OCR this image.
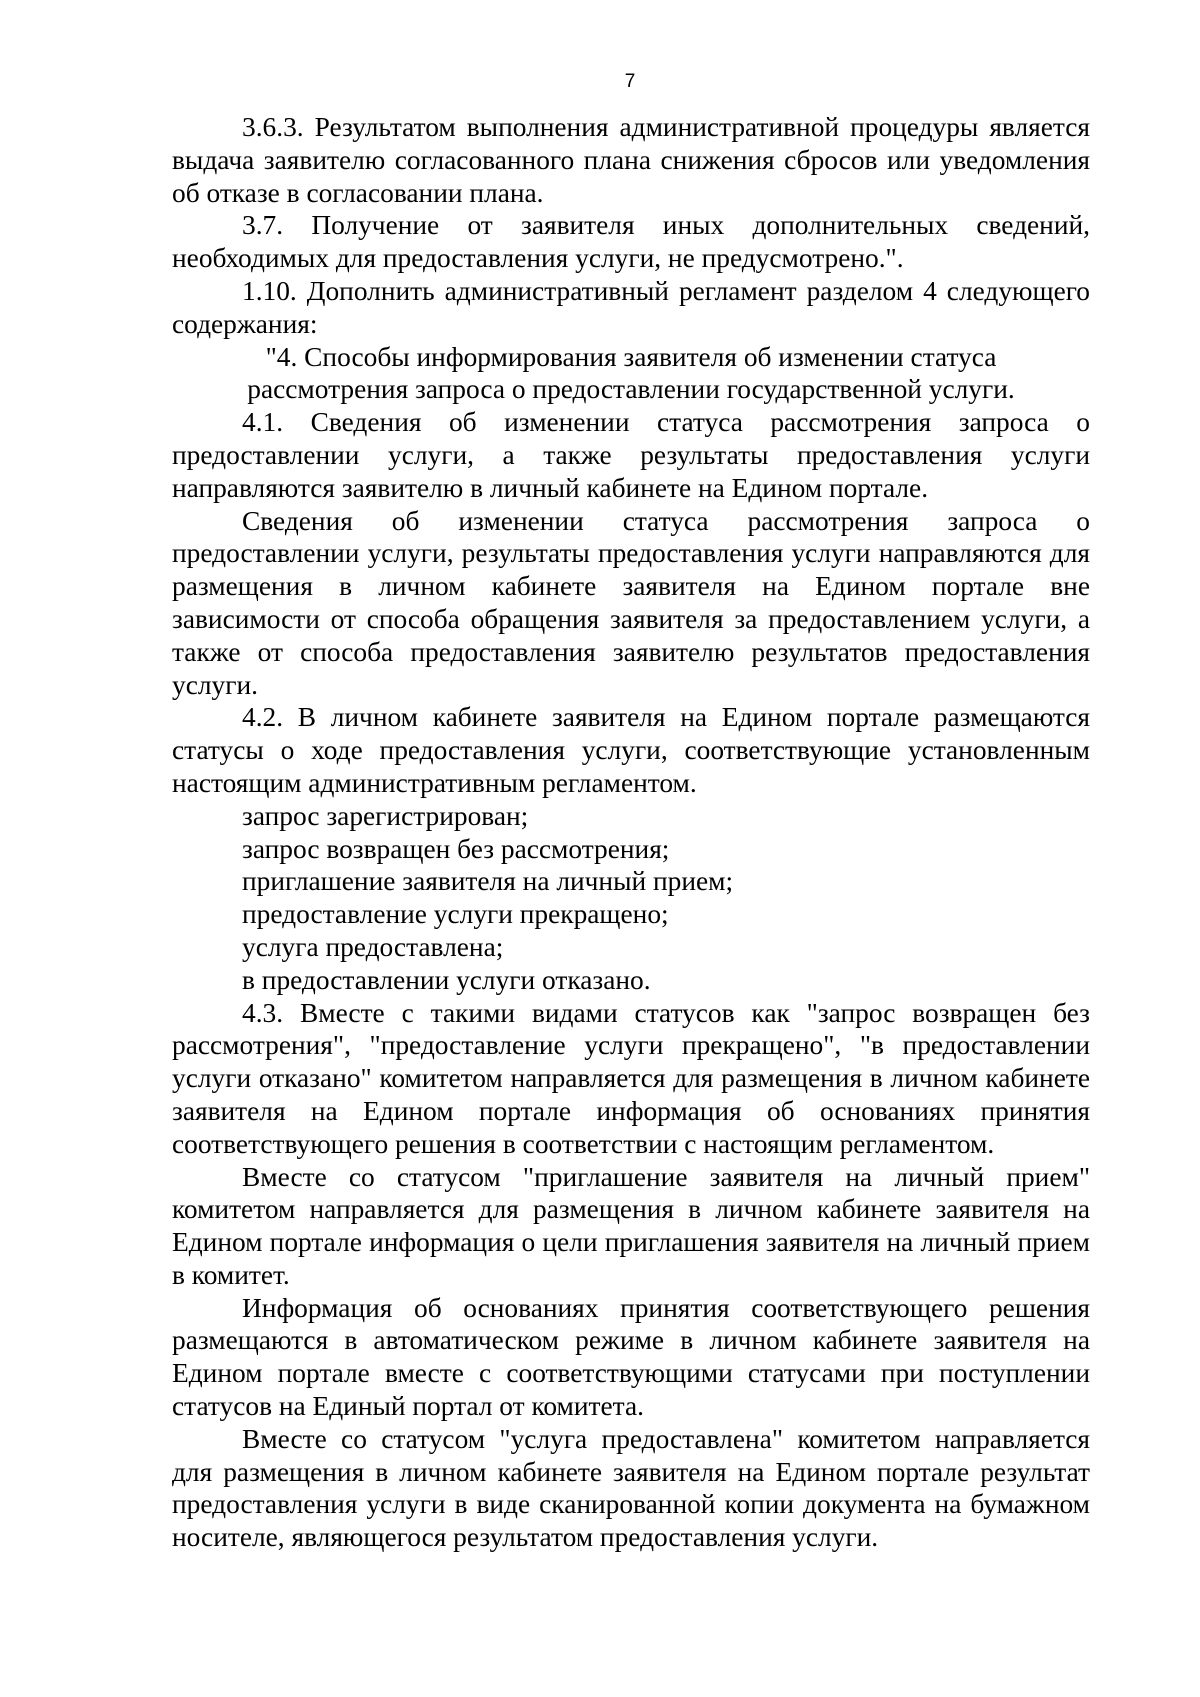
7

3.6.3. Результатом выполнения административной процедуры является выдача заявителю согласованного плана снижения сбросов или уведомления об отказе в согласовании плана.

3.7. Получение от заявителя иных дополнительных сведений, необходимых для предоставления услуги, не предусмотрено.".

1.10. Дополнить административный регламент разделом 4 следующего содержания:

"4. Способы информирования заявителя об изменении статуса

рассмотрения запроса о предоставлении государственной услуги.

4.1. Сведения об изменении статуса рассмотрения запроса о предоставлении услуги, а также результаты предоставления услуги направляются заявителю в личный кабинете на Едином портале.

Сведения об изменении статуса рассмотрения запроса о предоставлении услуги, результаты предоставления услуги направляются для размещения в личном кабинете заявителя на Едином портале вне зависимости от способа обращения заявителя за предоставлением услуги, а также от способа предоставления заявителю результатов предоставления услуги.

4.2. В личном кабинете заявителя на Едином портале размещаются статусы о ходе предоставления услуги, соответствующие установленным настоящим административным регламентом.

запрос зарегистрирован;

запрос возвращен без рассмотрения;

приглашение заявителя на личный прием;

предоставление услуги прекращено;

услуга предоставлена;

в предоставлении услуги отказано.

4.3. Вместе с такими видами статусов как "запрос возвращен без рассмотрения", "предоставление услуги прекращено", "в предоставлении услуги отказано" комитетом направляется для размещения в личном кабинете заявителя на Едином портале информация об основаниях принятия соответствующего решения в соответствии с настоящим регламентом.

Вместе со статусом "приглашение заявителя на личный прием" комитетом направляется для размещения в личном кабинете заявителя на Едином портале информация о цели приглашения заявителя на личный прием в комитет.

Информация об основаниях принятия соответствующего решения размещаются в автоматическом режиме в личном кабинете заявителя на Едином портале вместе с соответствующими статусами при поступлении статусов на Единый портал от комитета.

Вместе со статусом "услуга предоставлена" комитетом направляется для размещения в личном кабинете заявителя на Едином портале результат предоставления услуги в виде сканированной копии документа на бумажном носителе, являющегося результатом предоставления услуги.
